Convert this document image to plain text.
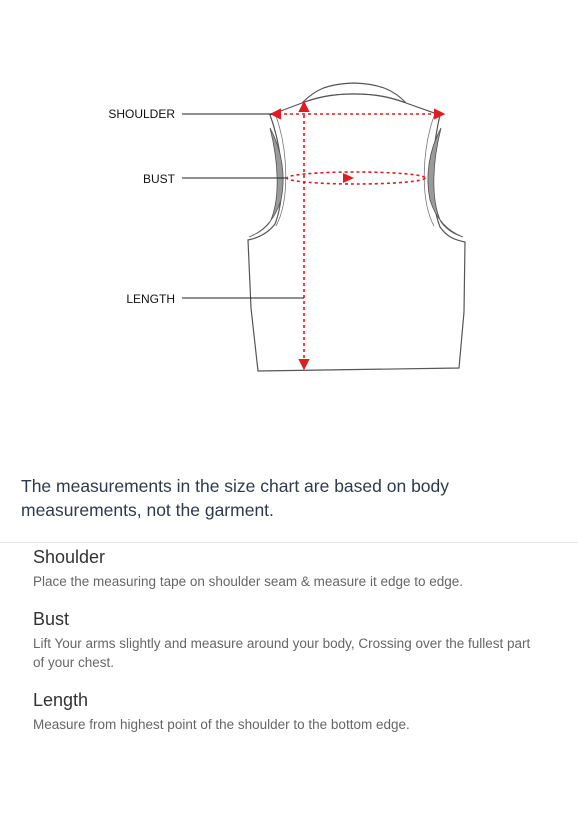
SHOULDER
BUST
LENGTH

The measurements in the size chart are based on body measurements, not the garment.

Shoulder

Place the measuring tape on shoulder seam & measure it edge to edge.

Bust

Lift Your arms slightly and measure around your body, Crossing over the fullest part of your chest.

Length

Measure from highest point of the shoulder to the bottom edge.
